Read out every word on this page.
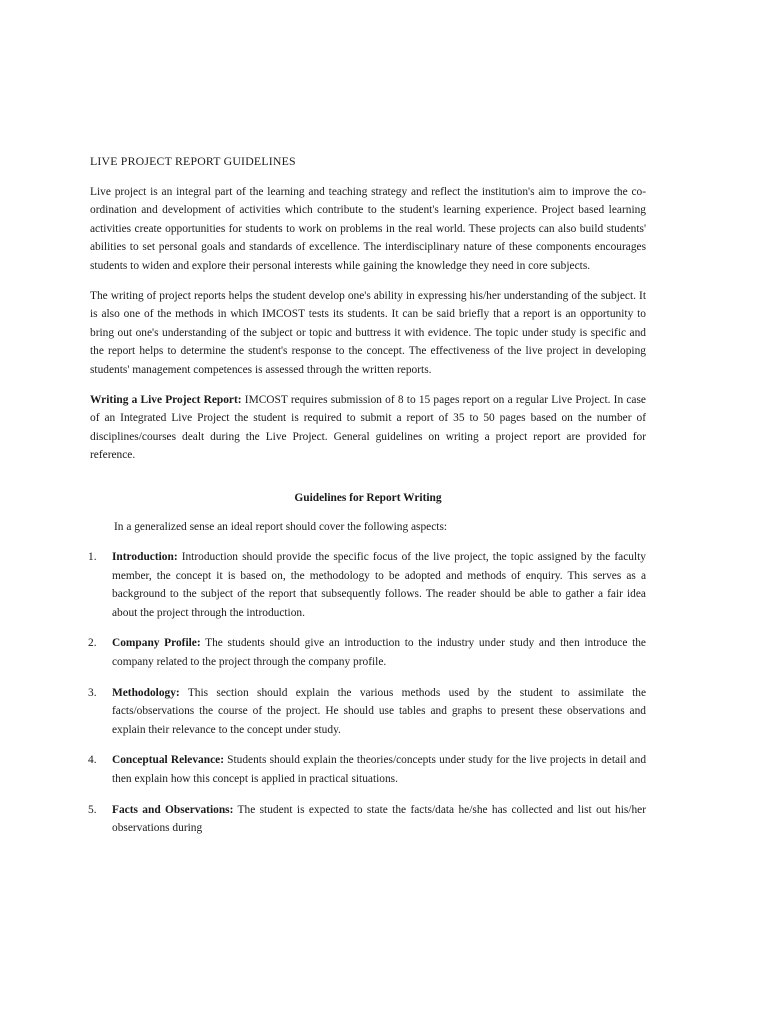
LIVE PROJECT REPORT GUIDELINES

Live project is an integral part of the learning and teaching strategy and reflect the institution's aim to improve the co-ordination and development of activities which contribute to the student's learning experience. Project based learning activities create opportunities for students to work on problems in the real world. These projects can also build students' abilities to set personal goals and standards of excellence. The interdisciplinary nature of these components encourages students to widen and explore their personal interests while gaining the knowledge they need in core subjects.

The writing of project reports helps the student develop one's ability in expressing his/her understanding of the subject. It is also one of the methods in which IMCOST tests its students. It can be said briefly that a report is an opportunity to bring out one's understanding of the subject or topic and buttress it with evidence. The topic under study is specific and the report helps to determine the student's response to the concept. The effectiveness of the live project in developing students' management competences is assessed through the written reports.

Writing a Live Project Report: IMCOST requires submission of 8 to 15 pages report on a regular Live Project. In case of an Integrated Live Project the student is required to submit a report of 35 to 50 pages based on the number of disciplines/courses dealt during the Live Project. General guidelines on writing a project report are provided for reference.

Guidelines for Report Writing
In a generalized sense an ideal report should cover the following aspects:
1. Introduction: Introduction should provide the specific focus of the live project, the topic assigned by the faculty member, the concept it is based on, the methodology to be adopted and methods of enquiry. This serves as a background to the subject of the report that subsequently follows. The reader should be able to gather a fair idea about the project through the introduction.
2. Company Profile: The students should give an introduction to the industry under study and then introduce the company related to the project through the company profile.
3. Methodology: This section should explain the various methods used by the student to assimilate the facts/observations the course of the project. He should use tables and graphs to present these observations and explain their relevance to the concept under study.
4. Conceptual Relevance: Students should explain the theories/concepts under study for the live projects in detail and then explain how this concept is applied in practical situations.
5. Facts and Observations: The student is expected to state the facts/data he/she has collected and list out his/her observations during
